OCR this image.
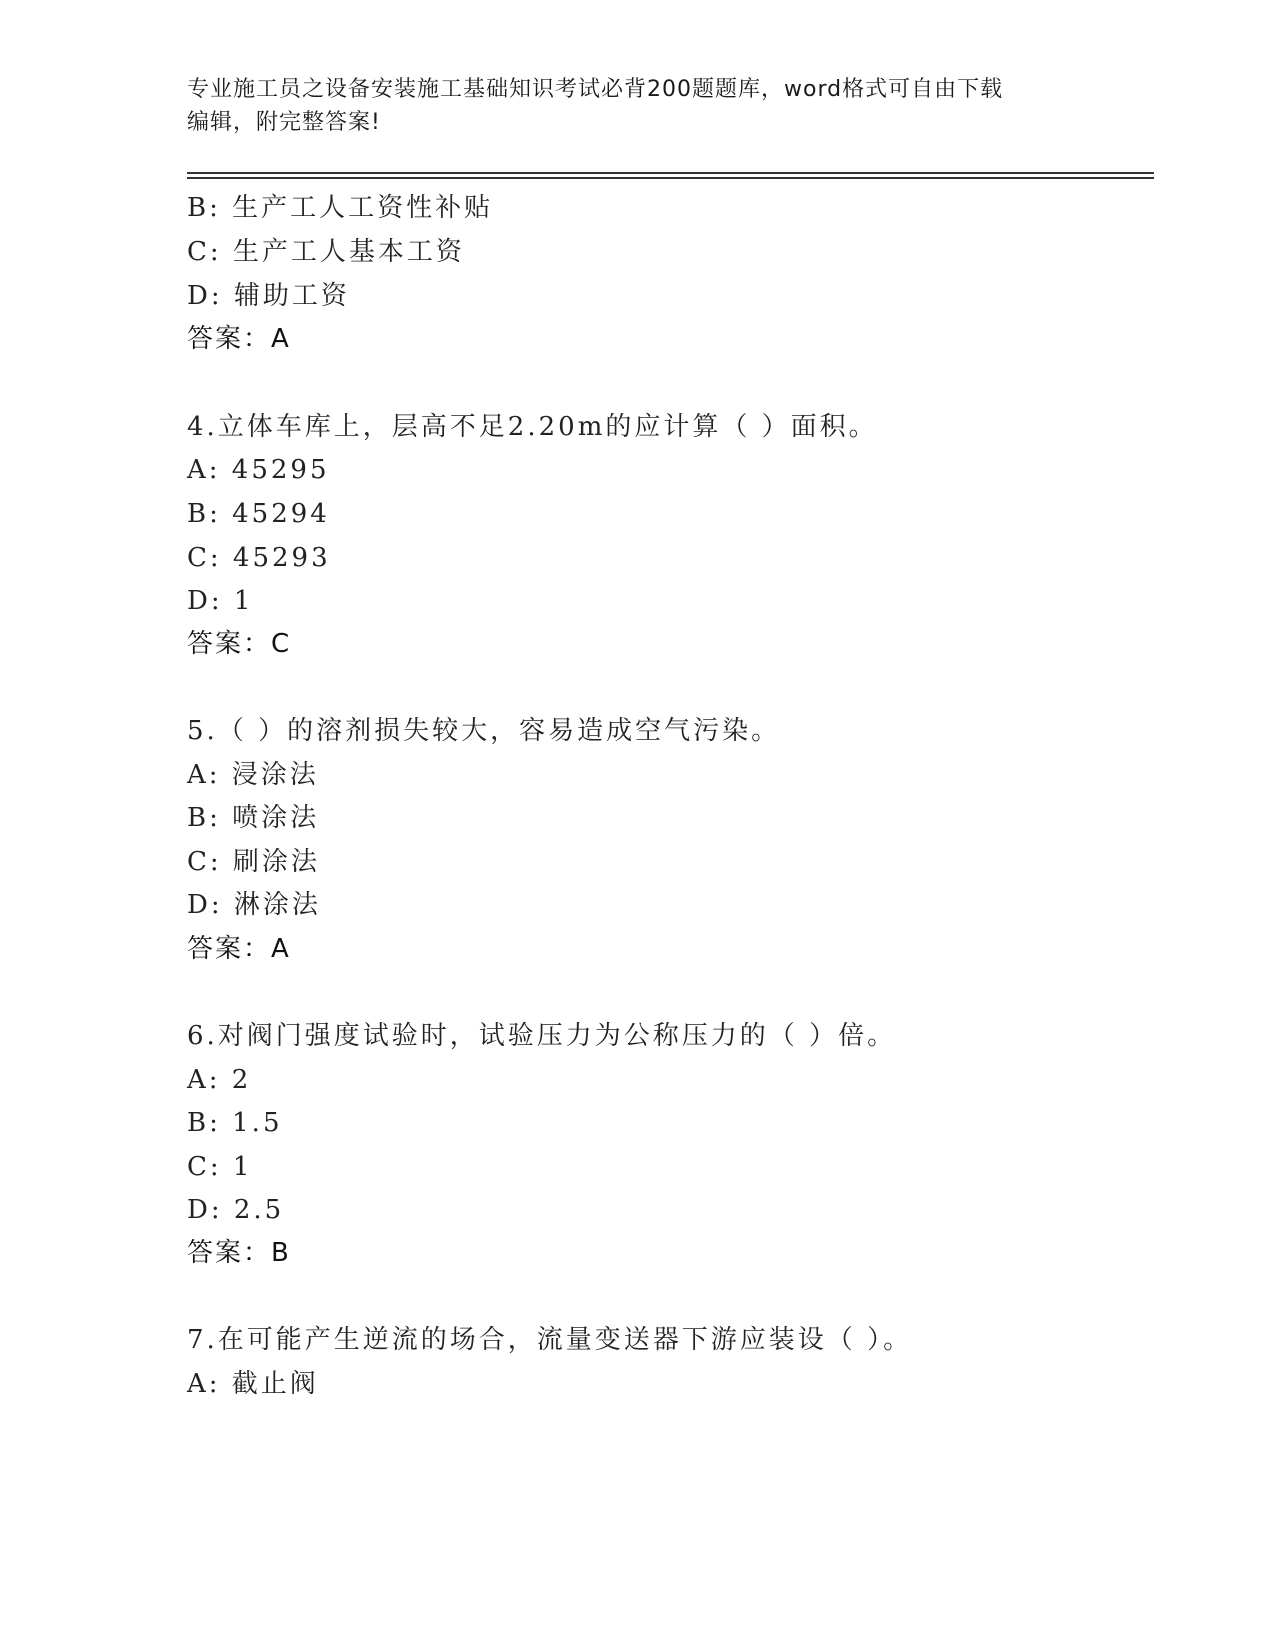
专业施工员之设备安装施工基础知识考试必背200题题库，word格式可自由下载
编辑，附完整答案!
B: 生产工人工资性补贴
C: 生产工人基本工资
D: 辅助工资
答案：A
4.立体车库上，层高不足2.20m的应计算（ ）面积。
A: 45295
B: 45294
C: 45293
D: 1
答案：C
5.（ ）的溶剂损失较大，容易造成空气污染。
A: 浸涂法
B: 喷涂法
C: 刷涂法
D: 淋涂法
答案：A
6.对阀门强度试验时，试验压力为公称压力的（ ）倍。
A: 2
B: 1.5
C: 1
D: 2.5
答案：B
7.在可能产生逆流的场合，流量变送器下游应装设（ ）。
A: 截止阀
